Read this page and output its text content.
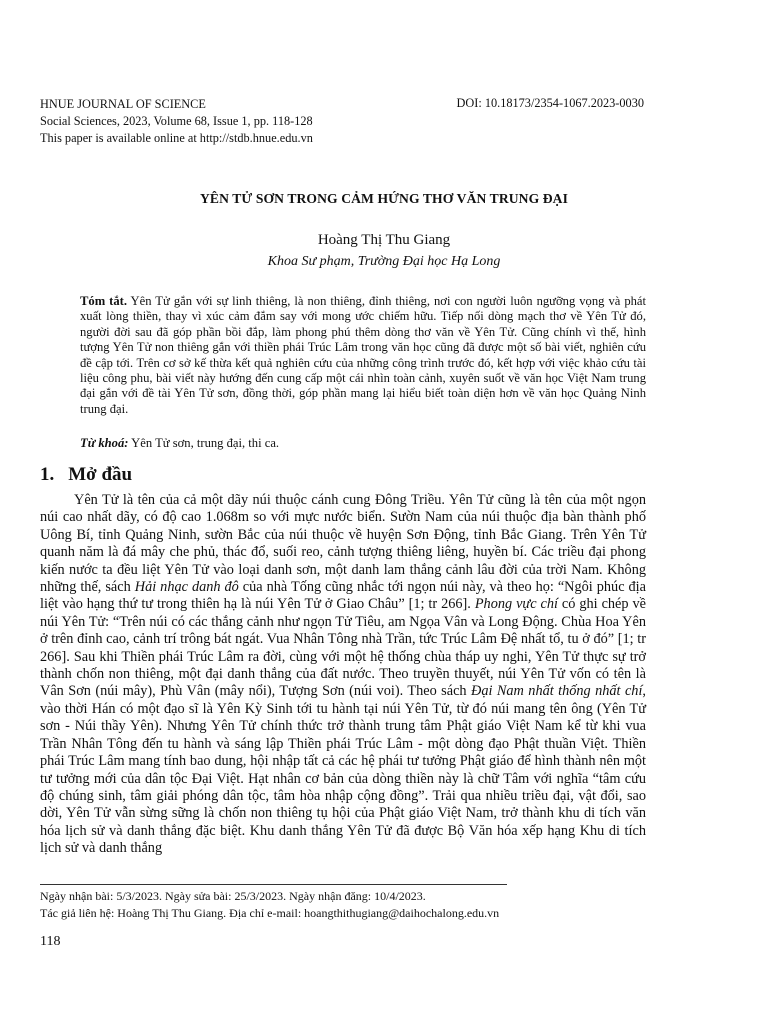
HNUE JOURNAL OF SCIENCE	DOI: 10.18173/2354-1067.2023-0030
Social Sciences, 2023, Volume 68, Issue 1, pp. 118-128
This paper is available online at http://stdb.hnue.edu.vn
YÊN TỬ SƠN TRONG CẢM HỨNG THƠ VĂN TRUNG ĐẠI
Hoàng Thị Thu Giang
Khoa Sư phạm, Trường Đại học Hạ Long
Tóm tắt. Yên Tử gắn với sự linh thiêng, là non thiêng, đỉnh thiêng, nơi con người luôn ngưỡng vọng và phát xuất lòng thiền, thay vì xúc cảm đắm say với mong ước chiếm hữu. Tiếp nối dòng mạch thơ về Yên Tử đó, người đời sau đã góp phần bồi đắp, làm phong phú thêm dòng thơ văn về Yên Tử. Cũng chính vì thế, hình tượng Yên Tử non thiêng gắn với thiền phái Trúc Lâm trong văn học cũng đã được một số bài viết, nghiên cứu đề cập tới. Trên cơ sở kế thừa kết quả nghiên cứu của những công trình trước đó, kết hợp với việc khảo cứu tài liệu công phu, bài viết này hướng đến cung cấp một cái nhìn toàn cảnh, xuyên suốt về văn học Việt Nam trung đại gắn với đề tài Yên Tử sơn, đồng thời, góp phần mang lại hiểu biết toàn diện hơn về văn học Quảng Ninh trung đại.
Từ khoá: Yên Tử sơn, trung đại, thi ca.
1. Mở đầu
Yên Tử là tên của cả một dãy núi thuộc cánh cung Đông Triều. Yên Tử cũng là tên của một ngọn núi cao nhất dãy, có độ cao 1.068m so với mực nước biển. Sườn Nam của núi thuộc địa bàn thành phố Uông Bí, tỉnh Quảng Ninh, sườn Bắc của núi thuộc về huyện Sơn Động, tỉnh Bắc Giang. Trên Yên Tử quanh năm là đá mây che phủ, thác đổ, suối reo, cảnh tượng thiêng liêng, huyền bí. Các triều đại phong kiến nước ta đều liệt Yên Tử vào loại danh sơn, một danh lam thắng cảnh lâu đời của trời Nam. Không những thế, sách Hải nhạc danh đô của nhà Tống cũng nhắc tới ngọn núi này, và theo họ: “Ngôi phúc địa liệt vào hạng thứ tư trong thiên hạ là núi Yên Tử ở Giao Châu” [1; tr 266]. Phong vực chí có ghi chép về núi Yên Tử: “Trên núi có các thắng cảnh như ngọn Tử Tiêu, am Ngọa Vân và Long Động. Chùa Hoa Yên ở trên đỉnh cao, cảnh trí trông bát ngát. Vua Nhân Tông nhà Trần, tức Trúc Lâm Đệ nhất tổ, tu ở đó” [1; tr 266]. Sau khi Thiền phái Trúc Lâm ra đời, cùng với một hệ thống chùa tháp uy nghi, Yên Tử thực sự trở thành chốn non thiêng, một đại danh thắng của đất nước. Theo truyền thuyết, núi Yên Tử vốn có tên là Vân Sơn (núi mây), Phù Vân (mây nổi), Tượng Sơn (núi voi). Theo sách Đại Nam nhất thống nhất chí, vào thời Hán có một đạo sĩ là Yên Kỳ Sinh tới tu hành tại núi Yên Tử, từ đó núi mang tên ông (Yên Tử sơn - Núi thầy Yên). Nhưng Yên Tử chính thức trở thành trung tâm Phật giáo Việt Nam kể từ khi vua Trần Nhân Tông đến tu hành và sáng lập Thiền phái Trúc Lâm - một dòng đạo Phật thuần Việt. Thiền phái Trúc Lâm mang tính bao dung, hội nhập tất cả các hệ phái tư tưởng Phật giáo để hình thành nên một tư tưởng mới của dân tộc Đại Việt. Hạt nhân cơ bản của dòng thiền này là chữ Tâm với nghĩa “tâm cứu độ chúng sinh, tâm giải phóng dân tộc, tâm hòa nhập cộng đồng”. Trải qua nhiều triều đại, vật đổi, sao dời, Yên Tử vẫn sừng sững là chốn non thiêng tụ hội của Phật giáo Việt Nam, trở thành khu di tích văn hóa lịch sử và danh thắng đặc biệt. Khu danh thắng Yên Tử đã được Bộ Văn hóa xếp hạng Khu di tích lịch sử và danh thắng
Ngày nhận bài: 5/3/2023. Ngày sửa bài: 25/3/2023. Ngày nhận đăng: 10/4/2023.
Tác giả liên hệ: Hoàng Thị Thu Giang. Địa chỉ e-mail: hoangthithugiang@daihochalong.edu.vn
118
